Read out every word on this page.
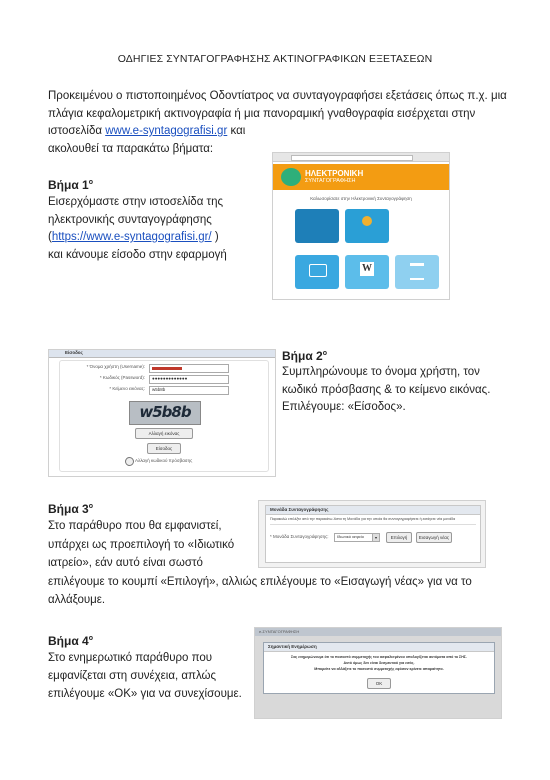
ΟΔΗΓΙΕΣ ΣΥΝΤΑΓΟΓΡΑΦΗΣΗΣ ΑΚΤΙΝΟΓΡΑΦΙΚΩΝ ΕΞΕΤΑΣΕΩΝ
Προκειμένου ο πιστοποιημένος Οδοντίατρος να συνταγογραφήσει εξετάσεις όπως π.χ. μια
πλάγια κεφαλομετρική ακτινογραφία ή μια πανοραμική γναθογραφία εισέρχεται στην
ιστοσελίδα www.e-syntagografisi.gr και
ακολουθεί τα παρακάτω βήματα:
Βήμα $1^o$
Εισερχόμαστε στην ιστοσελίδα της
ηλεκτρονικής συνταγογράφησης
(https://www.e-syntagografisi.gr/ )
και κάνουμε είσοδο στην εφαρμογή
ΗΛΕΚΤΡΟΝΙΚΗ
ΣΥΝΤΑΓΟΓΡΑΦΗΣΗ
Καλωσορίσατε στην Ηλεκτρονική Συνταγογράφηση
W
Είσοδος
* Όνομα χρήστη (Username):
* Κωδικός (Password): ●●●●●●●●●●●●●
* Κείμενο εικόνας: w5b8b
w5b8b
Αλλαγή εικόνας
Είσοδος
Αλλαγή κωδικού πρόσβασης
Βήμα $2^o$
Συμπληρώνουμε το όνομα χρήστη, τον
κωδικό πρόσβασης & το κείμενο εικόνας.
Επιλέγουμε: «Είσοδος».
Βήμα $3^o$
Στο παράθυρο που θα εμφανιστεί,
υπάρχει ως προεπιλογή το «Ιδιωτικό
ιατρείο», εάν αυτό είναι σωστό
επιλέγουμε το κουμπί «Επιλογή», αλλιώς επιλέγουμε το «Εισαγωγή νέας» για να το
αλλάξουμε.
Μονάδα Συνταγογράφησης
Παρακαλώ επιλέξτε από την παρακάτω λίστα τη Μονάδα για την οποία θα συνταγογραφήσετε ή εισάγετε νέα μονάδα
* Μονάδα Συνταγογράφησης: Ιδιωτικό ιατρείο	▾	Επιλογή	Εισαγωγή νέας
Βήμα $4^o$
Στο ενημερωτικό παράθυρο που
εμφανίζεται στη συνέχεια, απλώς
επιλέγουμε «ΟΚ» για να συνεχίσουμε.
e-ΣΥΝΤΑΓΟΓΡΑΦΗΣΗ
Σημαντική Ενημέρωση
Σας ενημερώνουμε ότι το ποσοστό συμμετοχής του ασφαλισμένου υπολογίζεται αυτόματα από το ΣΗΣ.
Αυτό όμως δεν είναι δεσμευτικό για εσάς.
Μπορείτε να αλλάξετε το ποσοστό συμμετοχής εφόσον κρίνετε απαραίτητο.
OK
